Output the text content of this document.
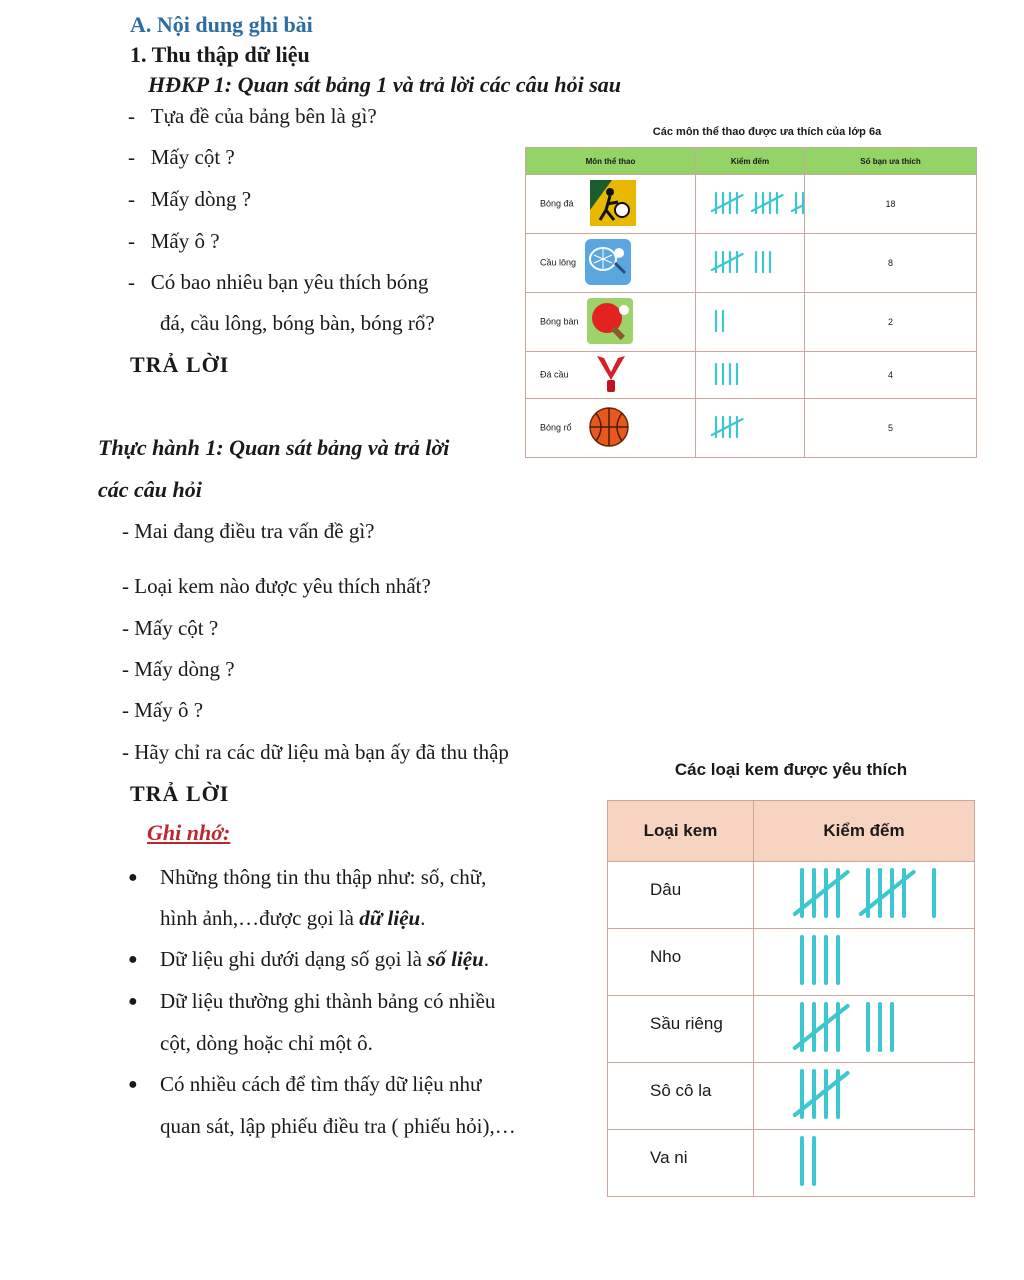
A. Nội dung ghi bài
1. Thu thập dữ liệu
HĐKP 1: Quan sát bảng 1 và trả lời các câu hỏi sau
-   Tựa đề của bảng bên là gì?
-   Mấy cột ?
-   Mấy dòng ?
-   Mấy ô ?
-   Có bao nhiêu bạn yêu thích bóng
đá, cầu lông, bóng bàn, bóng rổ?
TRẢ LỜI
Thực hành 1: Quan sát bảng và trả lời
các câu hỏi
- Mai đang điều tra vấn đề gì?
- Loại kem nào được yêu thích nhất?
- Mấy cột ?
- Mấy dòng ?
- Mấy ô ?
- Hãy chỉ ra các dữ liệu mà bạn ấy đã thu thập
TRẢ LỜI
Ghi nhớ:
● Những thông tin thu thập như: số, chữ,
hình ảnh,…được gọi là dữ liệu.
● Dữ liệu ghi dưới dạng số gọi là số liệu.
● Dữ liệu thường ghi thành bảng có nhiều
cột, dòng hoặc chỉ một ô.
● Có nhiều cách để tìm thấy dữ liệu như
quan sát, lập phiếu điều tra ( phiếu hỏi),…
Các môn thể thao được ưa thích của lớp 6a
Môn thể thao	Kiểm đếm	Số bạn ưa thích
Bóng đá		18
Cầu lông		8
Bóng bàn		2
Đá cầu		4
Bóng rổ		5
Các loại kem được yêu thích
Loại kem	Kiểm đếm
Dâu	
Nho	
Sầu riêng	
Sô cô la	
Va ni	
